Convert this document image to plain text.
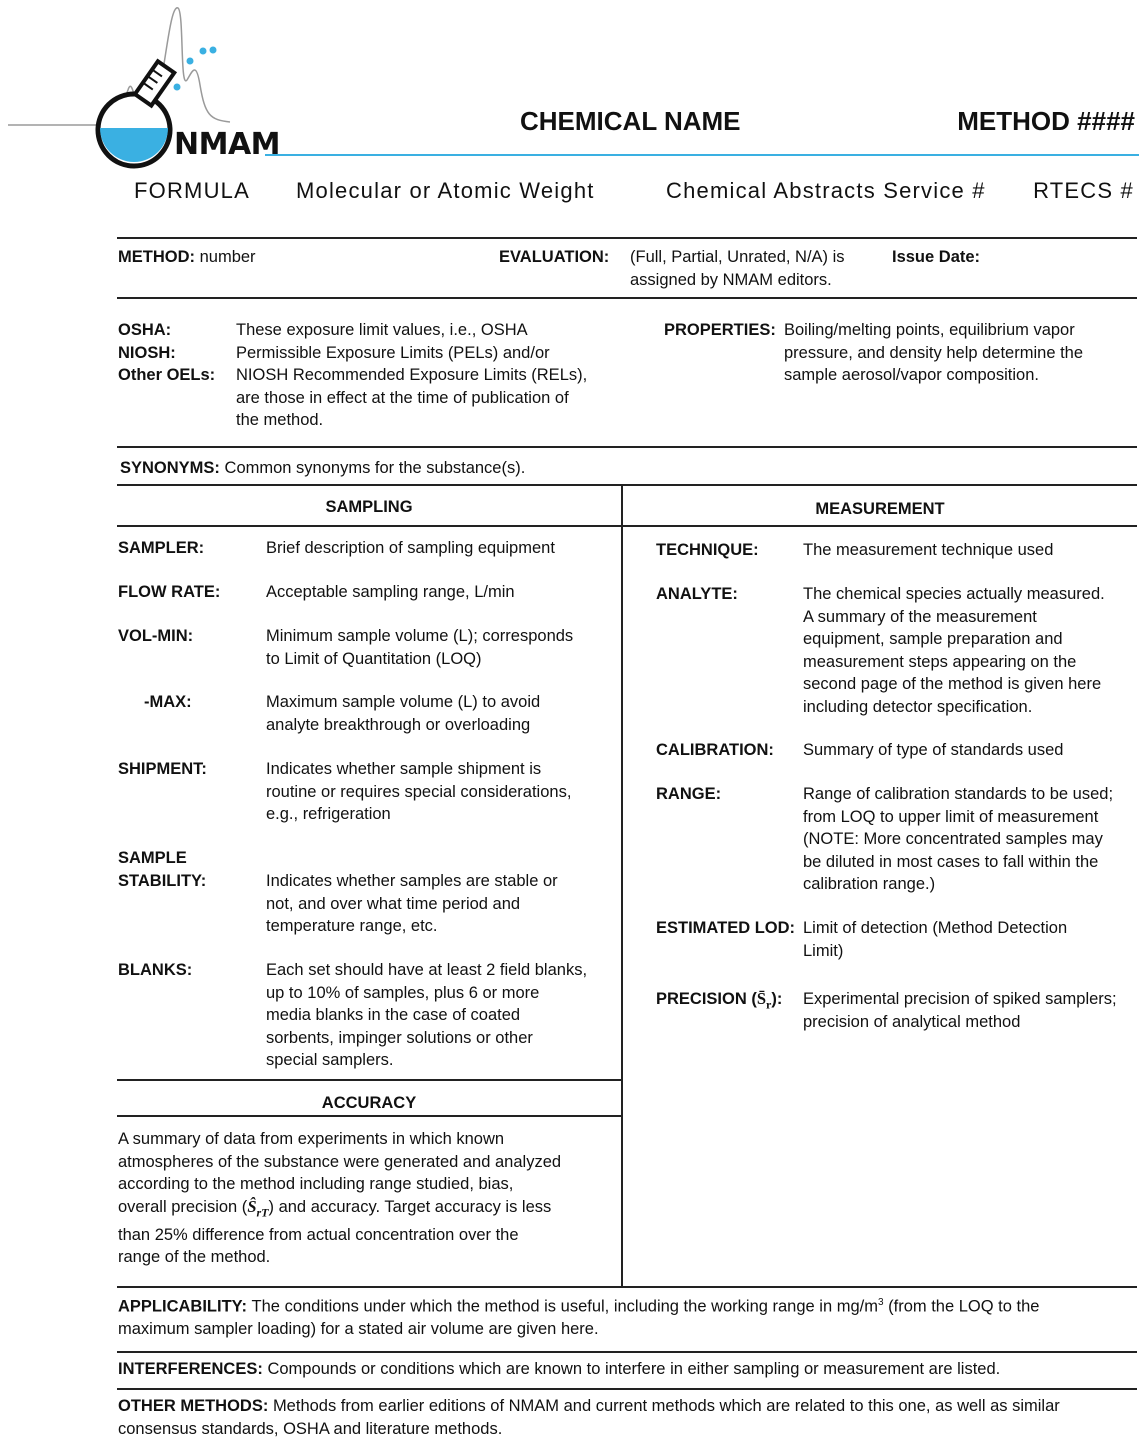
NMAM
CHEMICAL NAME	METHOD ####
FORMULA Molecular or Atomic Weight	Chemical Abstracts Service # RTECS #
METHOD: number	EVALUATION: (Full, Partial, Unrated, N/A) is
assigned by NMAM editors.
Issue Date:
OSHA:
NIOSH:
Other OELs:
These exposure limit values, i.e., OSHA
Permissible Exposure Limits (PELs) and/or
NIOSH Recommended Exposure Limits (RELs),
are those in effect at the time of publication of
the method.
PROPERTIES: Boiling/melting points, equilibrium vapor
pressure, and density help determine the
sample aerosol/vapor composition.
SYNONYMS: Common synonyms for the substance(s).
SAMPLING
SAMPLER:	Brief description of sampling equipment
FLOW RATE:	Acceptable sampling range, L/min
VOL-MIN:	Minimum sample volume (L); corresponds
to Limit of Quantitation (LOQ)
-MAX:	Maximum sample volume (L) to avoid
analyte breakthrough or overloading
SHIPMENT:	Indicates whether sample shipment is
routine or requires special considerations,
e.g., refrigeration
SAMPLE
STABILITY:	Indicates whether samples are stable or
not, and over what time period and
temperature range, etc.
BLANKS:	Each set should have at least 2 field blanks,
up to 10% of samples, plus 6 or more
media blanks in the case of coated
sorbents, impinger solutions or other
special samplers.
ACCURACY
A summary of data from experiments in which known
atmospheres of the substance were generated and analyzed
according to the method including range studied, bias,
overall precision $(Ŝ_{rT})$ and accuracy. Target accuracy is less
than 25% difference from actual concentration over the
range of the method.
MEASUREMENT
TECHNIQUE:	The measurement technique used
ANALYTE:	The chemical species actually measured.
A summary of the measurement
equipment, sample preparation and
measurement steps appearing on the
second page of the method is given here
including detector specification.
CALIBRATION: Summary of type of standards used
RANGE:	Range of calibration standards to be used;
from LOQ to upper limit of measurement
(NOTE: More concentrated samples may
be diluted in most cases to fall within the
calibration range.)
ESTIMATED LOD: Limit of detection (Method Detection
Limit)
PRECISION $(S̄_r)$: Experimental precision of spiked samplers;
precision of analytical method
APPLICABILITY: The conditions under which the method is useful, including the working range in $mg/m^3$ (from the LOQ to the
maximum sampler loading) for a stated air volume are given here.
INTERFERENCES: Compounds or conditions which are known to interfere in either sampling or measurement are listed.
OTHER METHODS: Methods from earlier editions of NMAM and current methods which are related to this one, as well as similar
consensus standards, OSHA and literature methods.
